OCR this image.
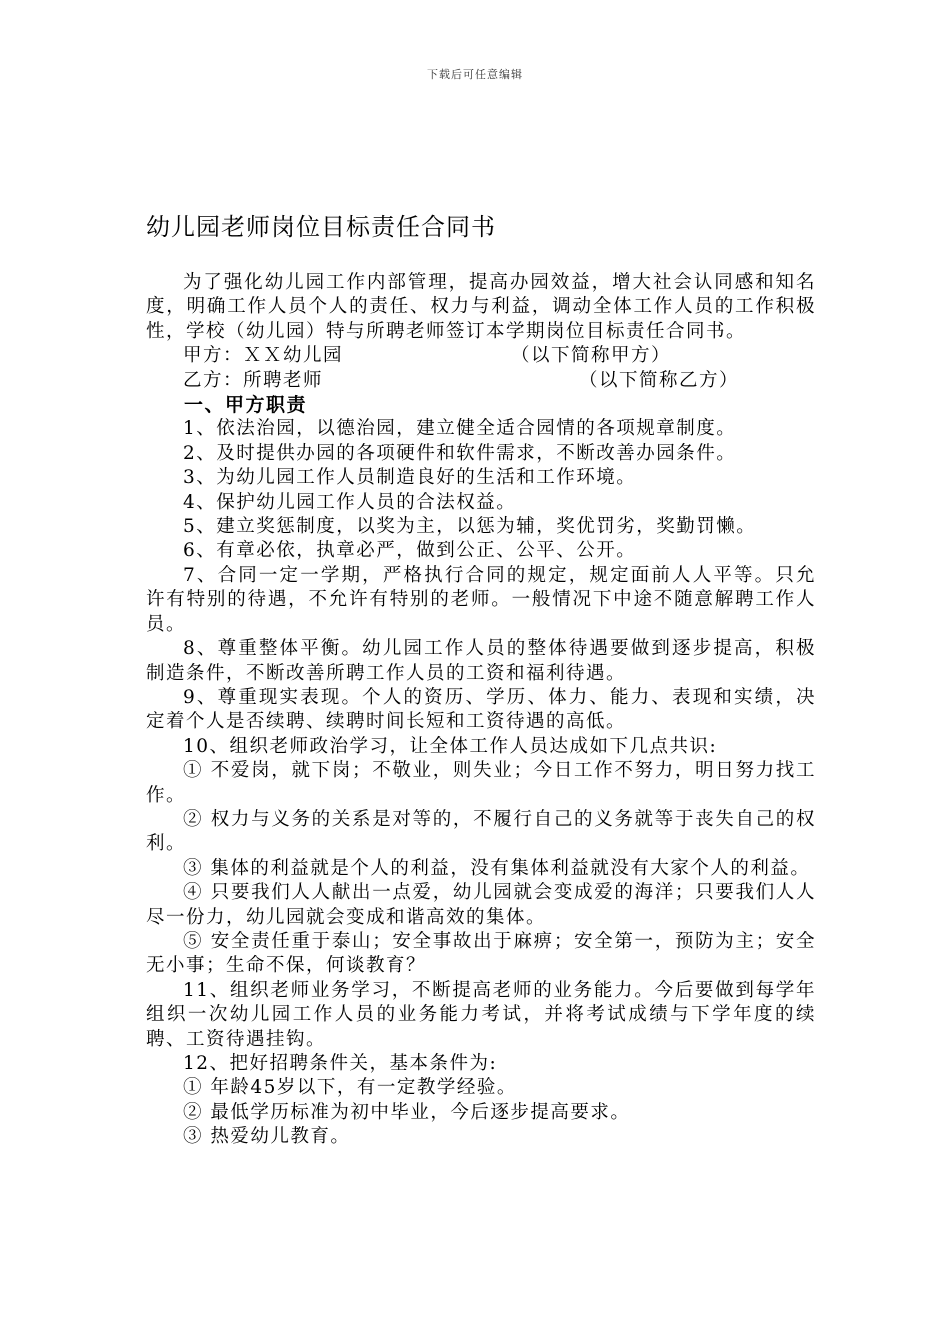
下载后可任意编辑
幼儿园老师岗位目标责任合同书

为了强化幼儿园工作内部管理，提高办园效益，增大社会认同感和知名度，明确工作人员个人的责任、权力与利益，调动全体工作人员的工作积极性，学校（幼儿园）特与所聘老师签订本学期岗位目标责任合同书。

甲方：ＸＸ幼儿园	（以下简称甲方）
乙方：所聘老师	（以下简称乙方）

一、甲方职责

1、依法治园，以德治园，建立健全适合园情的各项规章制度。

2、及时提供办园的各项硬件和软件需求，不断改善办园条件。

3、为幼儿园工作人员制造良好的生活和工作环境。

4、保护幼儿园工作人员的合法权益。

5、建立奖惩制度，以奖为主，以惩为辅，奖优罚劣，奖勤罚懒。

6、有章必依，执章必严，做到公正、公平、公开。

7、合同一定一学期，严格执行合同的规定，规定面前人人平等。只允许有特别的待遇，不允许有特别的老师。一般情况下中途不随意解聘工作人员。

8、尊重整体平衡。幼儿园工作人员的整体待遇要做到逐步提高，积极制造条件，不断改善所聘工作人员的工资和福利待遇。

9、尊重现实表现。个人的资历、学历、体力、能力、表现和实绩，决定着个人是否续聘、续聘时间长短和工资待遇的高低。

10、组织老师政治学习，让全体工作人员达成如下几点共识:

① 不爱岗，就下岗；不敬业，则失业；今日工作不努力，明日努力找工作。

② 权力与义务的关系是对等的，不履行自己的义务就等于丧失自己的权利。

③ 集体的利益就是个人的利益，没有集体利益就没有大家个人的利益。

④ 只要我们人人献出一点爱，幼儿园就会变成爱的海洋；只要我们人人尽一份力，幼儿园就会变成和谐高效的集体。

⑤ 安全责任重于泰山；安全事故出于麻痹；安全第一，预防为主；安全无小事；生命不保，何谈教育？

11、组织老师业务学习，不断提高老师的业务能力。今后要做到每学年组织一次幼儿园工作人员的业务能力考试，并将考试成绩与下学年度的续聘、工资待遇挂钩。

12、把好招聘条件关，基本条件为:

① 年龄45岁以下，有一定教学经验。

② 最低学历标准为初中毕业，今后逐步提高要求。

③ 热爱幼儿教育。
